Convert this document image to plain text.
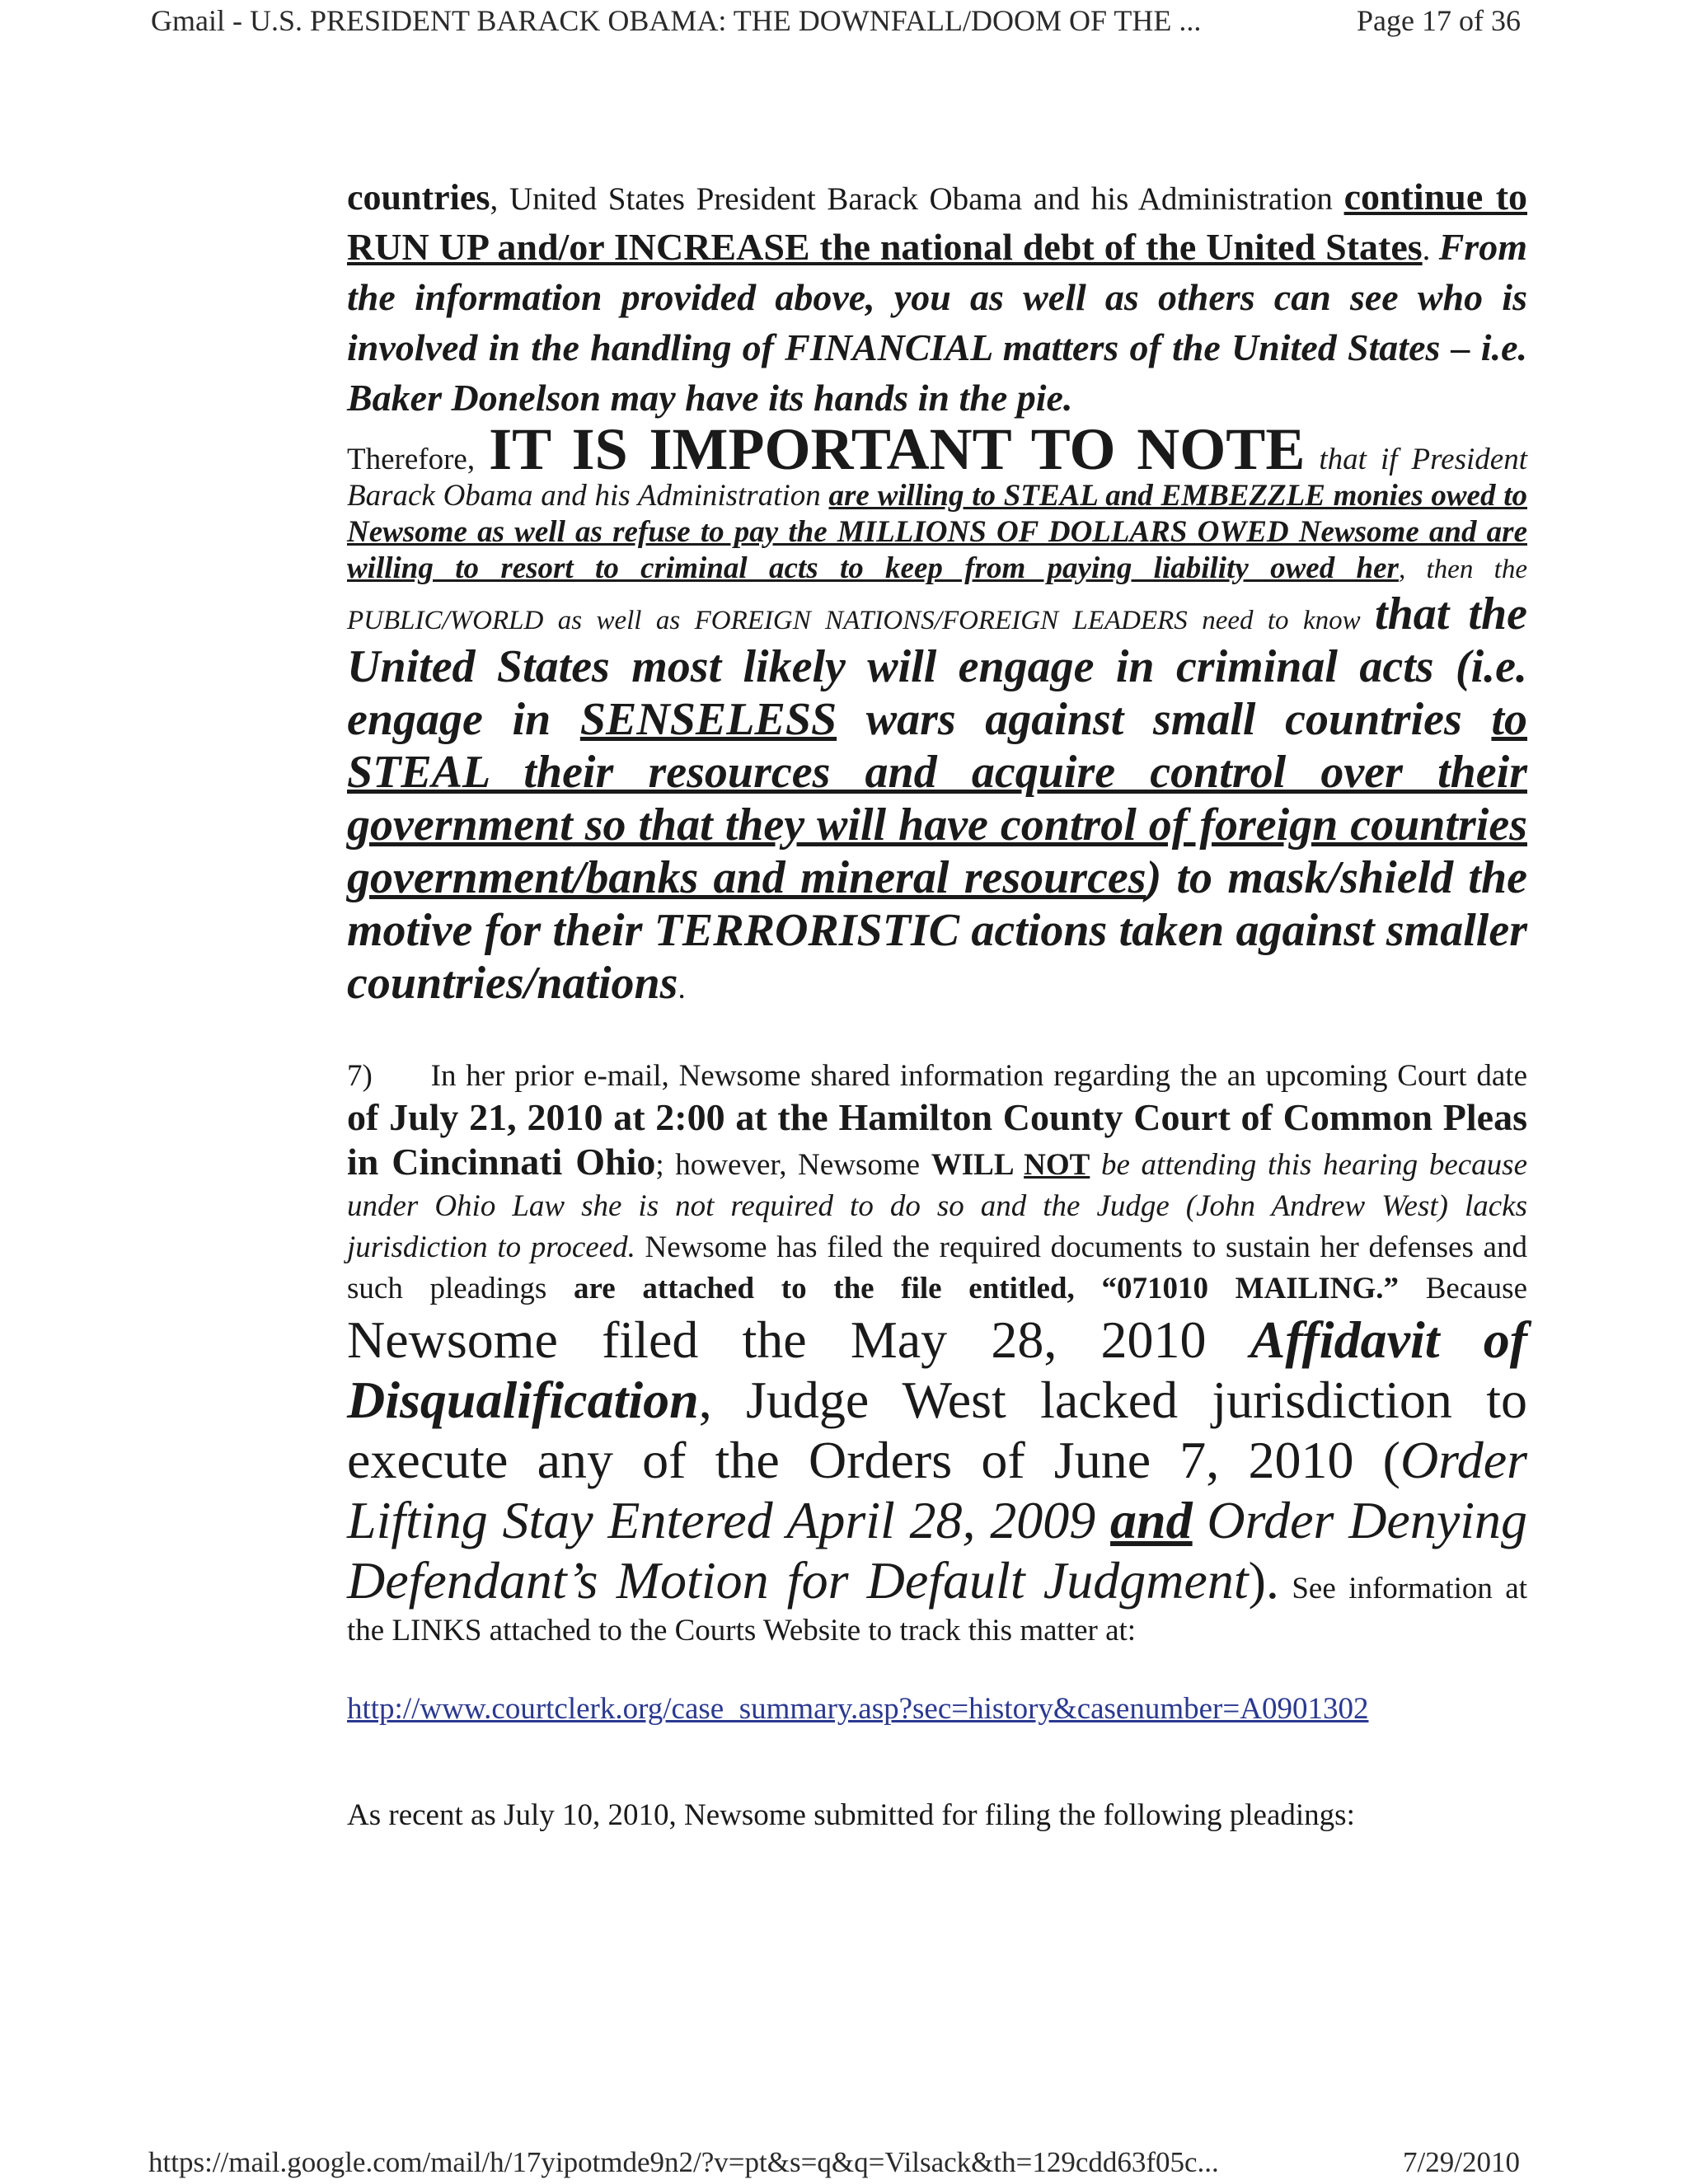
Gmail - U.S. PRESIDENT BARACK OBAMA: THE DOWNFALL/DOOM OF THE ...	Page 17 of 36

countries, United States President Barack Obama and his Administration continue to RUN UP and/or INCREASE the national debt of the United States. From the information provided above, you as well as others can see who is involved in the handling of FINANCIAL matters of the United States – i.e. Baker Donelson may have its hands in the pie.

Therefore, IT IS IMPORTANT TO NOTE that if President Barack Obama and his Administration are willing to STEAL and EMBEZZLE monies owed to Newsome as well as refuse to pay the MILLIONS OF DOLLARS OWED Newsome and are willing to resort to criminal acts to keep from paying liability owed her, then the PUBLIC/WORLD as well as FOREIGN NATIONS/FOREIGN LEADERS need to know that the United States most likely will engage in criminal acts (i.e. engage in SENSELESS wars against small countries to STEAL their resources and acquire control over their government so that they will have control of foreign countries government/banks and mineral resources) to mask/shield the motive for their TERRORISTIC actions taken against smaller countries/nations.

7)      In her prior e-mail, Newsome shared information regarding the an upcoming Court date of July 21, 2010 at 2:00 at the Hamilton County Court of Common Pleas in Cincinnati Ohio; however, Newsome WILL NOT be attending this hearing because under Ohio Law she is not required to do so and the Judge (John Andrew West) lacks jurisdiction to proceed. Newsome has filed the required documents to sustain her defenses and such pleadings are attached to the file entitled, “071010 MAILING.” Because Newsome filed the May 28, 2010 Affidavit of Disqualification, Judge West lacked jurisdiction to execute any of the Orders of June 7, 2010 (Order Lifting Stay Entered April 28, 2009 and Order Denying Defendant’s Motion for Default Judgment). See information at the LINKS attached to the Courts Website to track this matter at:

http://www.courtclerk.org/case_summary.asp?sec=history&casenumber=A0901302

As recent as July 10, 2010, Newsome submitted for filing the following pleadings:

https://mail.google.com/mail/h/17yipotmde9n2/?v=pt&s=q&q=Vilsack&th=129cdd63f05c...	7/29/2010
